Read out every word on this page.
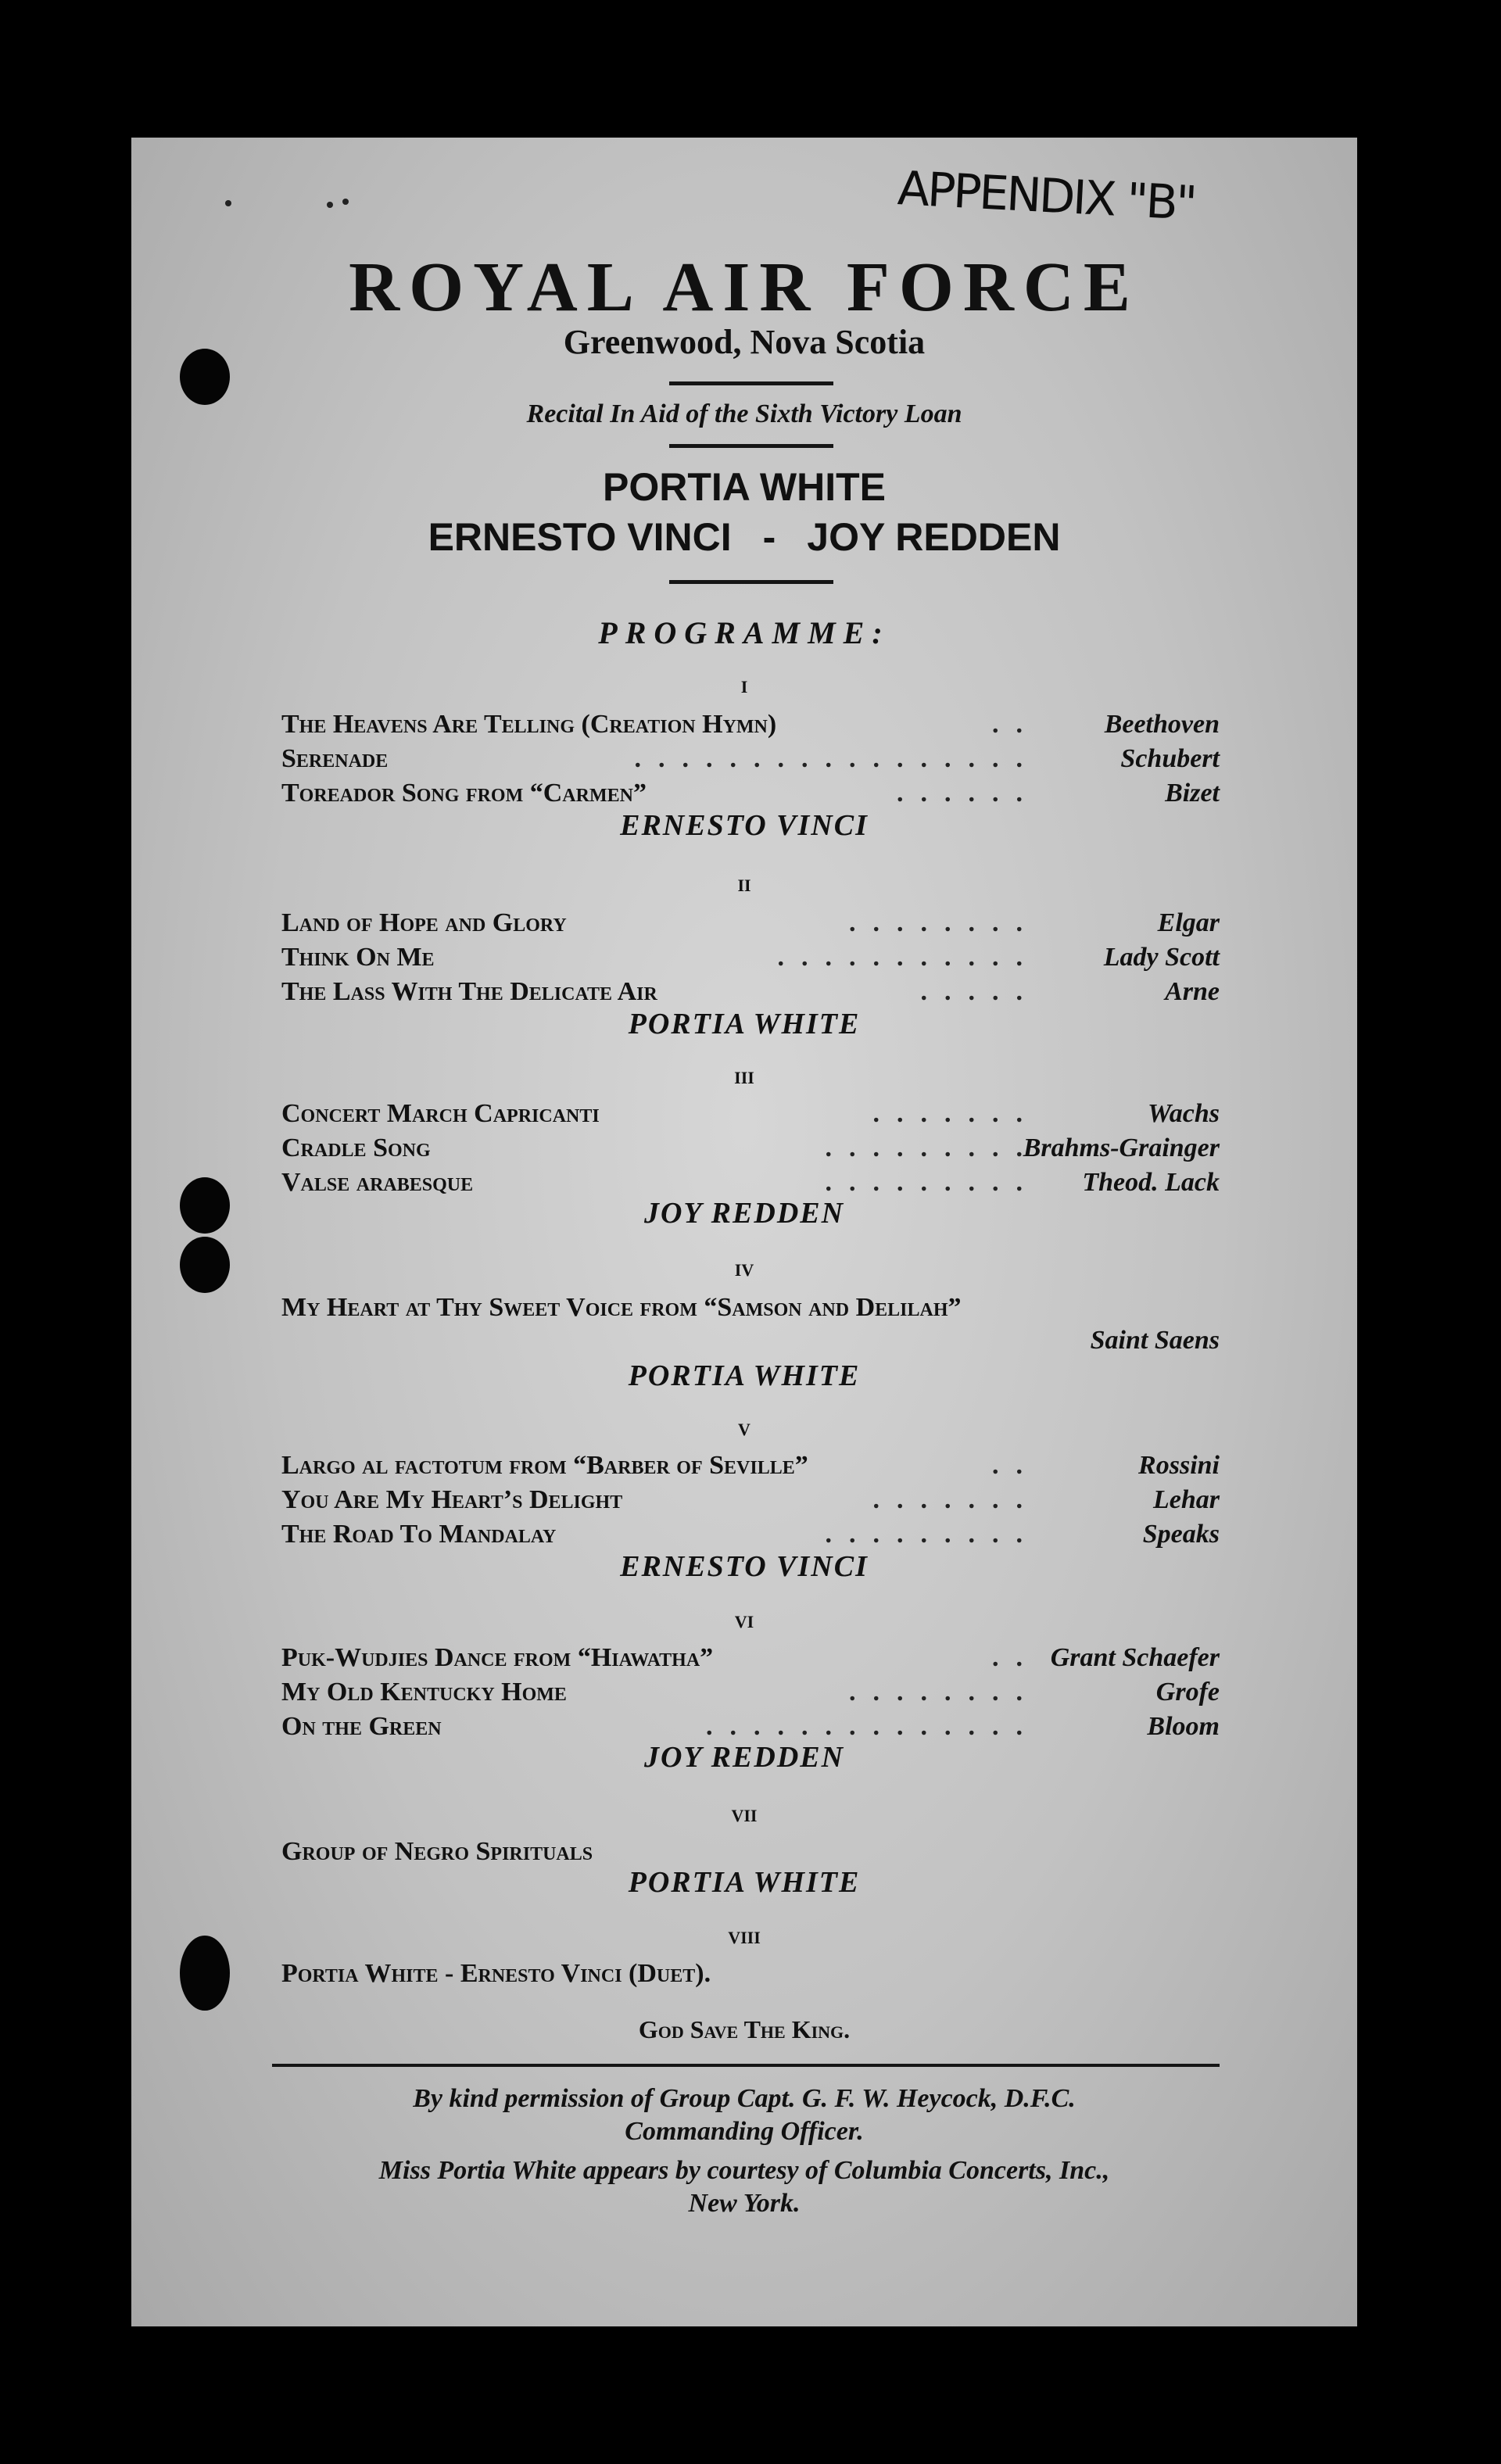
APPENDIX "B"
ROYAL AIR FORCE
Greenwood, Nova Scotia
Recital In Aid of the Sixth Victory Loan
PORTIA WHITE
ERNESTO VINCI - JOY REDDEN
PROGRAMME:
I
..
The Heavens Are Telling (Creation Hymn)	Beethoven
.................
Serenade	Schubert
......
Toreador Song from “Carmen”	Bizet
ERNESTO VINCI
II
........
Land of Hope and Glory	Elgar
...........
Think On Me	Lady Scott
.....
The Lass With The Delicate Air	Arne
PORTIA WHITE
III
.......
Concert March Capricanti	Wachs
.........
Cradle Song	Brahms-Grainger
.........
Valse arabesque	Theod. Lack
JOY REDDEN
IV
My Heart at Thy Sweet Voice from “Samson and Delilah”
Saint Saens
PORTIA WHITE
V
..
Largo al factotum from “Barber of Seville”	Rossini
.......
You Are My Heart’s Delight	Lehar
.........
The Road To Mandalay	Speaks
ERNESTO VINCI
VI
..
Puk-Wudjies Dance from “Hiawatha”	Grant Schaefer
........
My Old Kentucky Home	Grofe
..............
On the Green	Bloom
JOY REDDEN
VII
Group of Negro Spirituals
PORTIA WHITE
VIII
Portia White - Ernesto Vinci (Duet).
God Save The King.
By kind permission of Group Capt. G. F. W. Heycock, D.F.C.
Commanding Officer.
Miss Portia White appears by courtesy of Columbia Concerts, Inc.,
New York.
